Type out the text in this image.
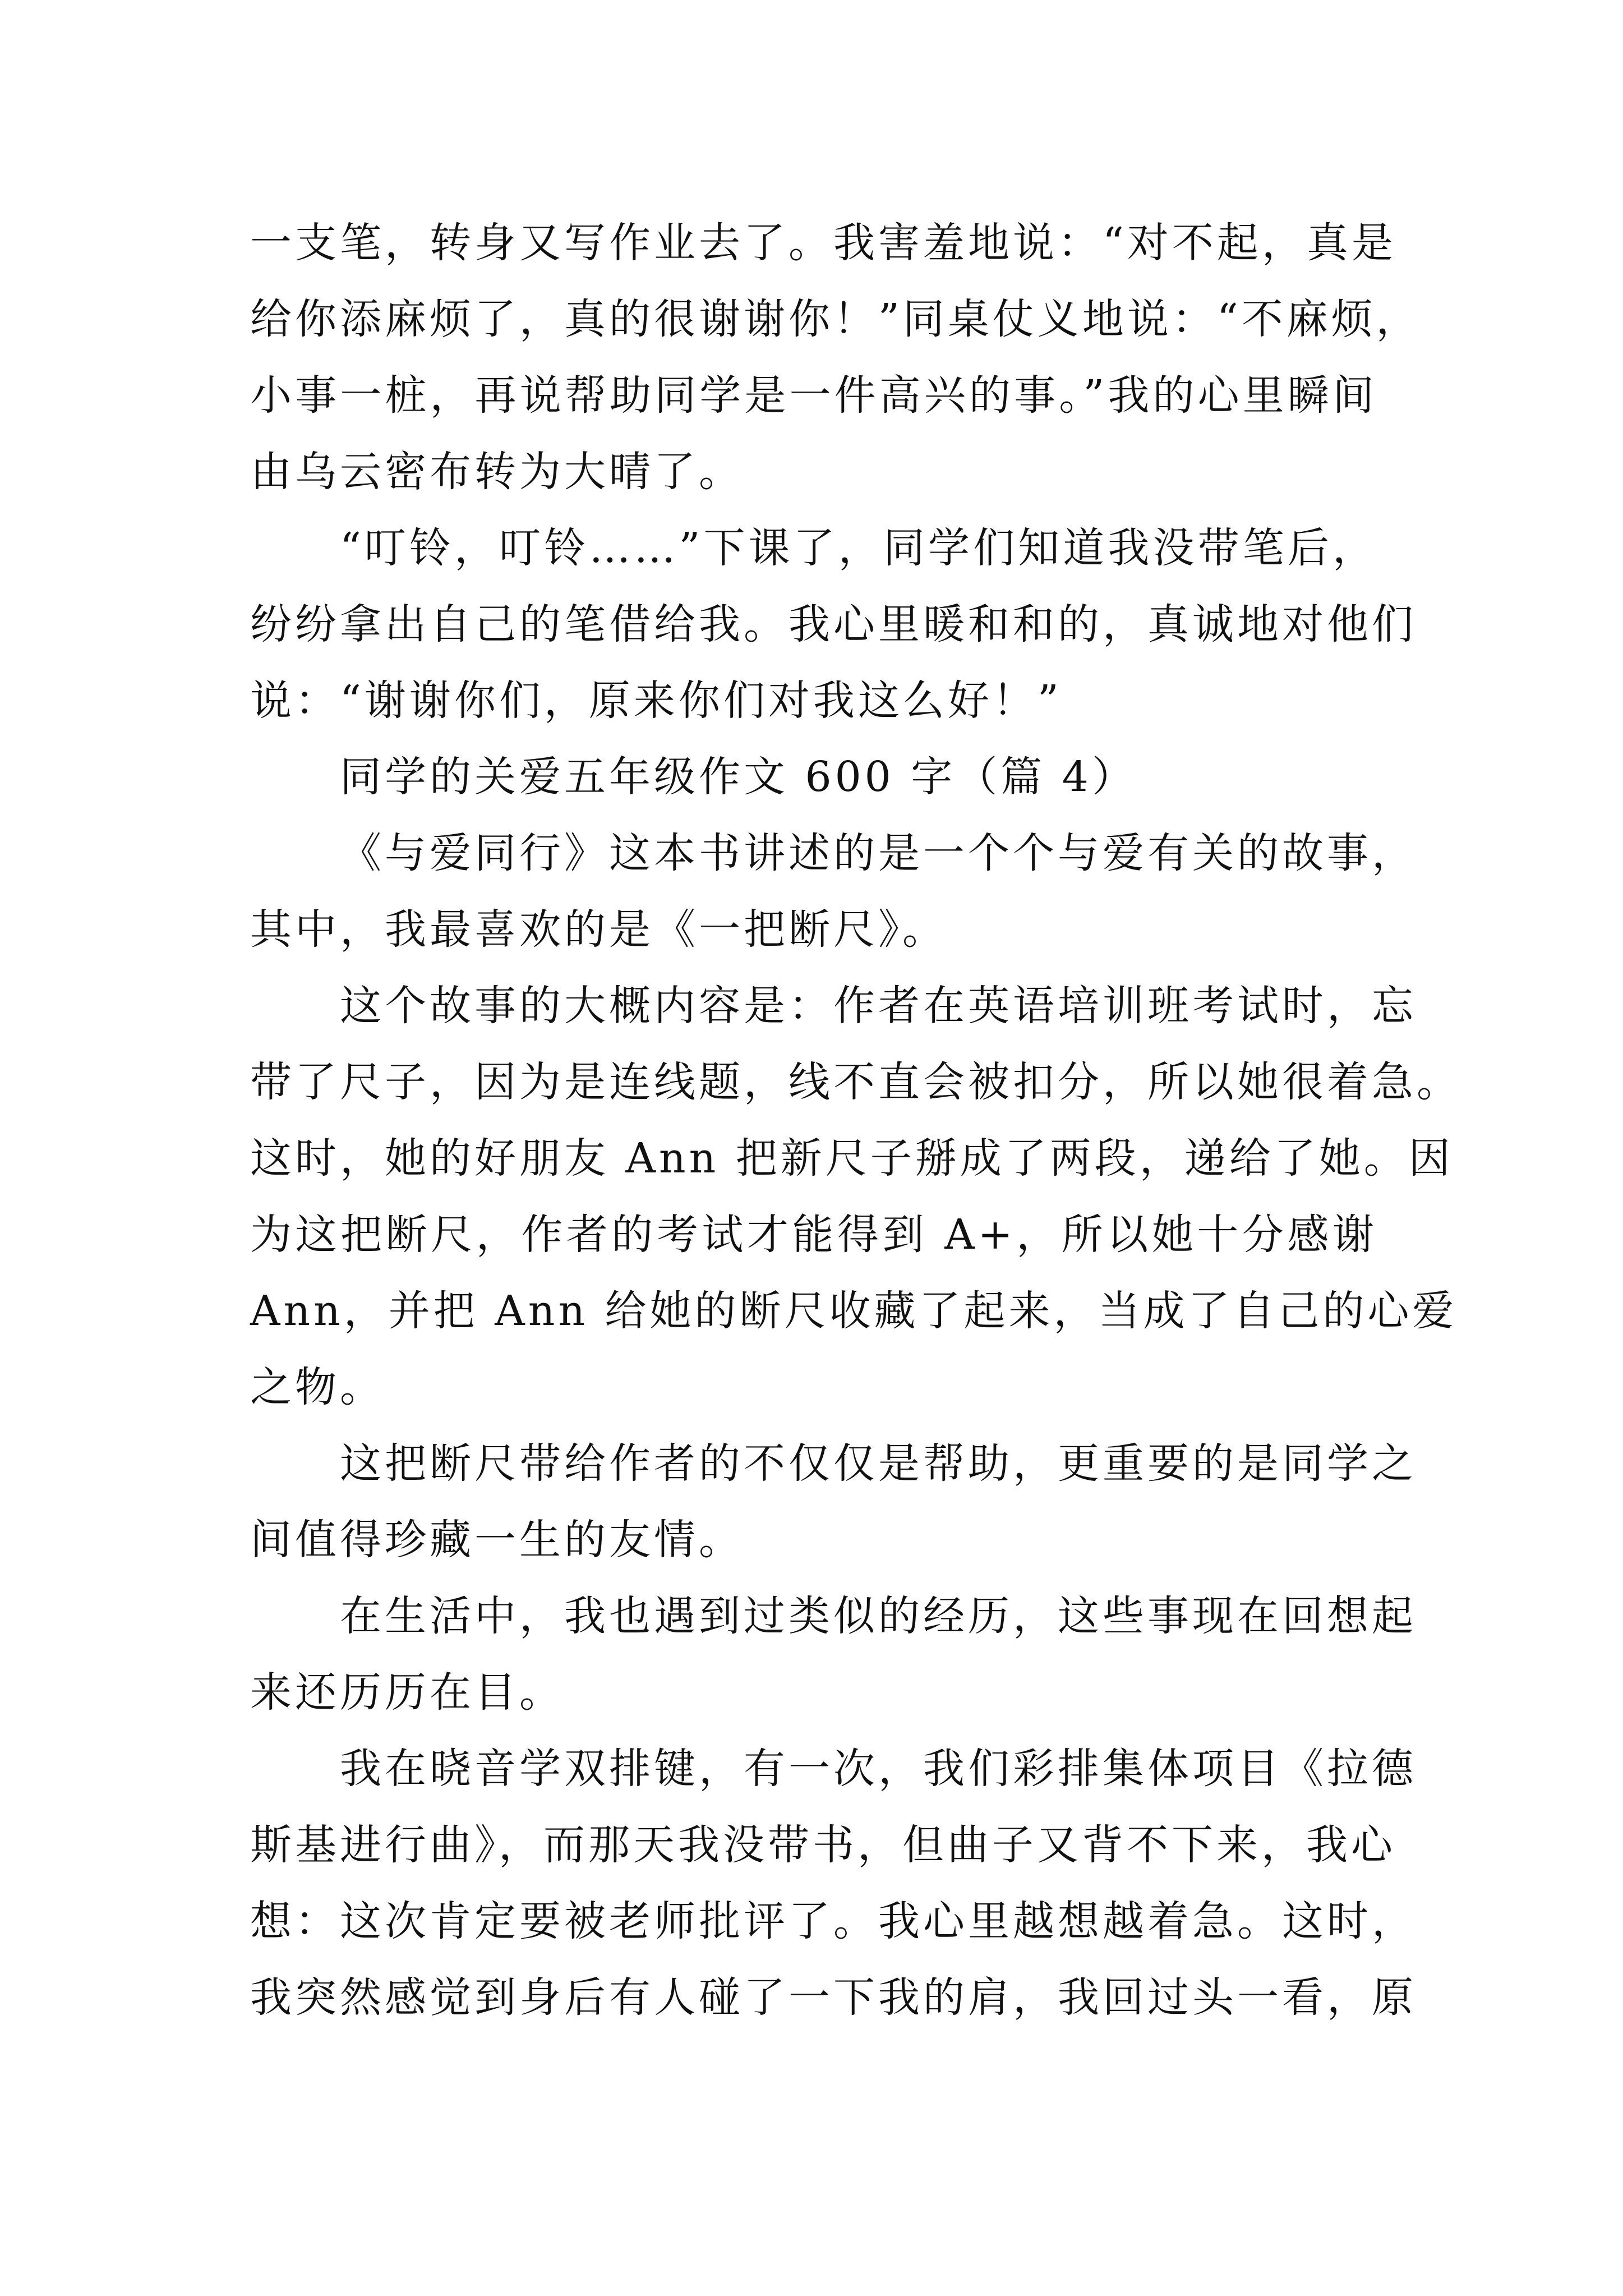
一支笔，转身又写作业去了。我害羞地说：“对不起，真是
给你添麻烦了，真的很谢谢你！”同桌仗义地说：“不麻烦，
小事一桩，再说帮助同学是一件高兴的事。”我的心里瞬间
由乌云密布转为大晴了。
“叮铃，叮铃……”下课了，同学们知道我没带笔后，
纷纷拿出自己的笔借给我。我心里暖和和的，真诚地对他们
说：“谢谢你们，原来你们对我这么好！”
同学的关爱五年级作文 600 字（篇 4）
《与爱同行》这本书讲述的是一个个与爱有关的故事，
其中，我最喜欢的是《一把断尺》。
这个故事的大概内容是：作者在英语培训班考试时，忘
带了尺子，因为是连线题，线不直会被扣分，所以她很着急。
这时，她的好朋友 Ann 把新尺子掰成了两段，递给了她。因
为这把断尺，作者的考试才能得到 A+，所以她十分感谢
Ann，并把 Ann 给她的断尺收藏了起来，当成了自己的心爱
之物。
这把断尺带给作者的不仅仅是帮助，更重要的是同学之
间值得珍藏一生的友情。
在生活中，我也遇到过类似的经历，这些事现在回想起
来还历历在目。
我在晓音学双排键，有一次，我们彩排集体项目《拉德
斯基进行曲》，而那天我没带书，但曲子又背不下来，我心
想：这次肯定要被老师批评了。我心里越想越着急。这时，
我突然感觉到身后有人碰了一下我的肩，我回过头一看，原
